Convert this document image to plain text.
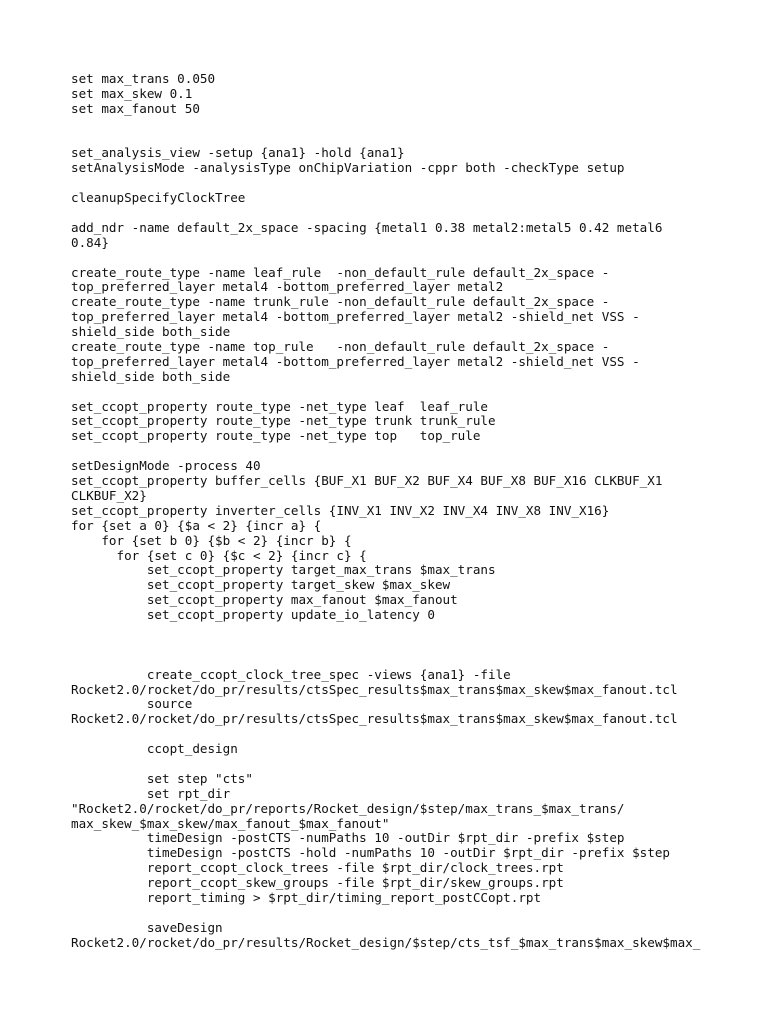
set max_trans 0.050
set max_skew 0.1
set max_fanout 50
set_analysis_view -setup {ana1} -hold {ana1}
setAnalysisMode -analysisType onChipVariation -cppr both -checkType setup
cleanupSpecifyClockTree
add_ndr -name default_2x_space -spacing {metal1 0.38 metal2:metal5 0.42 metal6
0.84}
create_route_type -name leaf_rule  -non_default_rule default_2x_space -
top_preferred_layer metal4 -bottom_preferred_layer metal2
create_route_type -name trunk_rule -non_default_rule default_2x_space -
top_preferred_layer metal4 -bottom_preferred_layer metal2 -shield_net VSS -
shield_side both_side
create_route_type -name top_rule   -non_default_rule default_2x_space -
top_preferred_layer metal4 -bottom_preferred_layer metal2 -shield_net VSS -
shield_side both_side
set_ccopt_property route_type -net_type leaf  leaf_rule
set_ccopt_property route_type -net_type trunk trunk_rule
set_ccopt_property route_type -net_type top   top_rule
setDesignMode -process 40
set_ccopt_property buffer_cells {BUF_X1 BUF_X2 BUF_X4 BUF_X8 BUF_X16 CLKBUF_X1
CLKBUF_X2}
set_ccopt_property inverter_cells {INV_X1 INV_X2 INV_X4 INV_X8 INV_X16}
for {set a 0} {$a < 2} {incr a} {
for {set b 0} {$b < 2} {incr b} {
for {set c 0} {$c < 2} {incr c} {
set_ccopt_property target_max_trans $max_trans
set_ccopt_property target_skew $max_skew
set_ccopt_property max_fanout $max_fanout
set_ccopt_property update_io_latency 0
create_ccopt_clock_tree_spec -views {ana1} -file
Rocket2.0/rocket/do_pr/results/ctsSpec_results$max_trans$max_skew$max_fanout.tcl
source
Rocket2.0/rocket/do_pr/results/ctsSpec_results$max_trans$max_skew$max_fanout.tcl
ccopt_design
set step "cts"
set rpt_dir
"Rocket2.0/rocket/do_pr/reports/Rocket_design/$step/max_trans_$max_trans/
max_skew_$max_skew/max_fanout_$max_fanout"
timeDesign -postCTS -numPaths 10 -outDir $rpt_dir -prefix $step
timeDesign -postCTS -hold -numPaths 10 -outDir $rpt_dir -prefix $step
report_ccopt_clock_trees -file $rpt_dir/clock_trees.rpt
report_ccopt_skew_groups -file $rpt_dir/skew_groups.rpt
report_timing > $rpt_dir/timing_report_postCCopt.rpt
saveDesign
Rocket2.0/rocket/do_pr/results/Rocket_design/$step/cts_tsf_$max_trans$max_skew$max_
